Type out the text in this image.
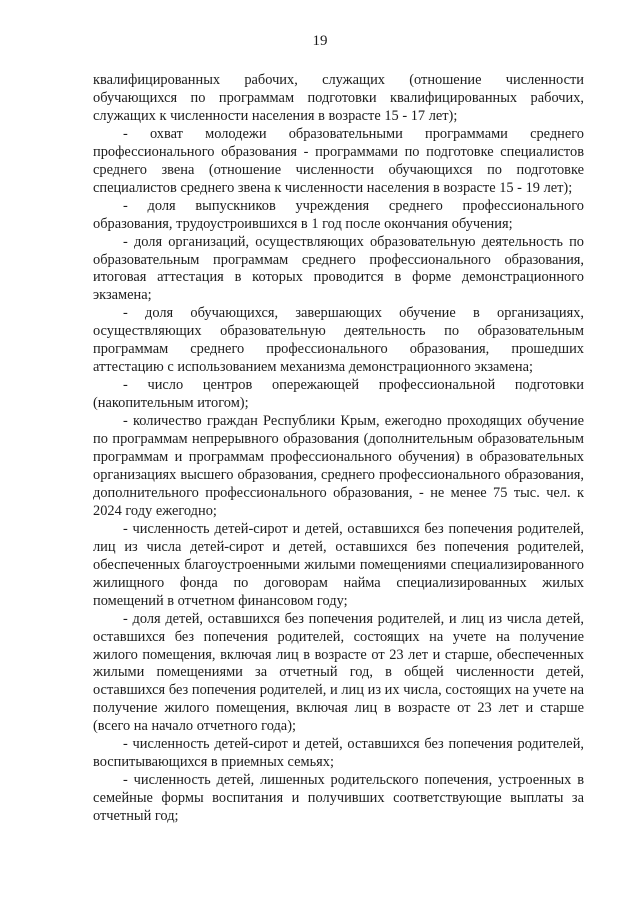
19

квалифицированных рабочих, служащих (отношение численности обучающихся по программам подготовки квалифицированных рабочих, служащих к численности населения в возрасте 15 - 17 лет);

- охват молодежи образовательными программами среднего профессионального образования - программами по подготовке специалистов среднего звена (отношение численности обучающихся по подготовке специалистов среднего звена к численности населения в возрасте 15 - 19 лет);

- доля выпускников учреждения среднего профессионального образования, трудоустроившихся в 1 год после окончания обучения;

- доля организаций, осуществляющих образовательную деятельность по образовательным программам среднего профессионального образования, итоговая аттестация в которых проводится в форме демонстрационного экзамена;

- доля обучающихся, завершающих обучение в организациях, осуществляющих образовательную деятельность по образовательным программам среднего профессионального образования, прошедших аттестацию с использованием механизма демонстрационного экзамена;

- число центров опережающей профессиональной подготовки (накопительным итогом);

- количество граждан Республики Крым, ежегодно проходящих обучение по программам непрерывного образования (дополнительным образовательным программам и программам профессионального обучения) в образовательных организациях высшего образования, среднего профессионального образования, дополнительного профессионального образования, - не менее 75 тыс. чел. к 2024 году ежегодно;

- численность детей-сирот и детей, оставшихся без попечения родителей, лиц из числа детей-сирот и детей, оставшихся без попечения родителей, обеспеченных благоустроенными жилыми помещениями специализированного жилищного фонда по договорам найма специализированных жилых помещений в отчетном финансовом году;

- доля детей, оставшихся без попечения родителей, и лиц из числа детей, оставшихся без попечения родителей, состоящих на учете на получение жилого помещения, включая лиц в возрасте от 23 лет и старше, обеспеченных жилыми помещениями за отчетный год, в общей численности детей, оставшихся без попечения родителей, и лиц из их числа, состоящих на учете на получение жилого помещения, включая лиц в возрасте от 23 лет и старше (всего на начало отчетного года);

- численность детей-сирот и детей, оставшихся без попечения родителей, воспитывающихся в приемных семьях;

- численность детей, лишенных родительского попечения, устроенных в семейные формы воспитания и получивших соответствующие выплаты за отчетный год;
